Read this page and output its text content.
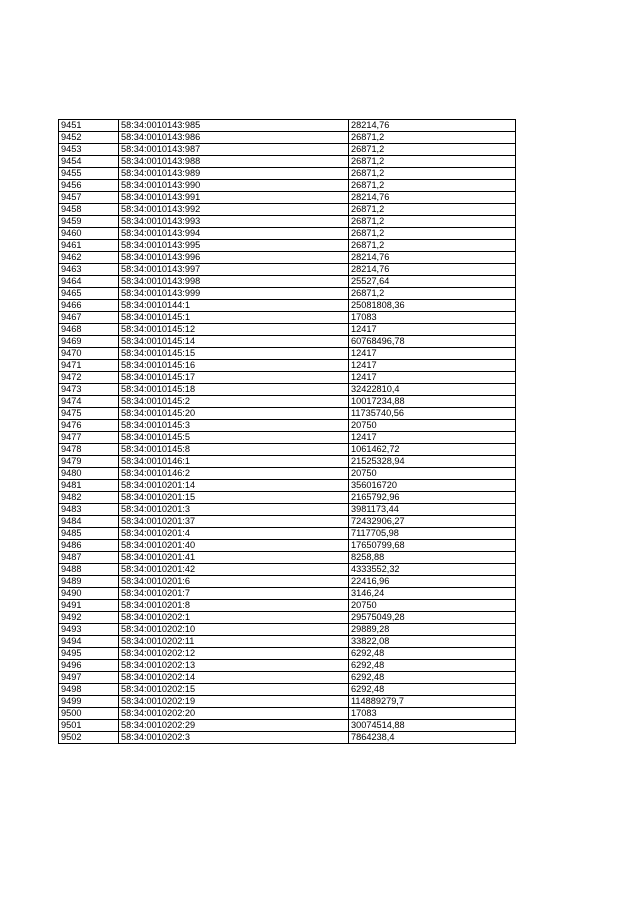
9451	58:34:0010143:985	28214,76
9452	58:34:0010143:986	26871,2
9453	58:34:0010143:987	26871,2
9454	58:34:0010143:988	26871,2
9455	58:34:0010143:989	26871,2
9456	58:34:0010143:990	26871,2
9457	58:34:0010143:991	28214,76
9458	58:34:0010143:992	26871,2
9459	58:34:0010143:993	26871,2
9460	58:34:0010143:994	26871,2
9461	58:34:0010143:995	26871,2
9462	58:34:0010143:996	28214,76
9463	58:34:0010143:997	28214,76
9464	58:34:0010143:998	25527,64
9465	58:34:0010143:999	26871,2
9466	58:34:0010144:1	25081808,36
9467	58:34:0010145:1	17083
9468	58:34:0010145:12	12417
9469	58:34:0010145:14	60768496,78
9470	58:34:0010145:15	12417
9471	58:34:0010145:16	12417
9472	58:34:0010145:17	12417
9473	58:34:0010145:18	32422810,4
9474	58:34:0010145:2	10017234,88
9475	58:34:0010145:20	11735740,56
9476	58:34:0010145:3	20750
9477	58:34:0010145:5	12417
9478	58:34:0010145:8	1061462,72
9479	58:34:0010146:1	21525328,94
9480	58:34:0010146:2	20750
9481	58:34:0010201:14	356016720
9482	58:34:0010201:15	2165792,96
9483	58:34:0010201:3	3981173,44
9484	58:34:0010201:37	72432906,27
9485	58:34:0010201:4	7117705,98
9486	58:34:0010201:40	17650799,68
9487	58:34:0010201:41	8258,88
9488	58:34:0010201:42	4333552,32
9489	58:34:0010201:6	22416,96
9490	58:34:0010201:7	3146,24
9491	58:34:0010201:8	20750
9492	58:34:0010202:1	29575049,28
9493	58:34:0010202:10	29889,28
9494	58:34:0010202:11	33822,08
9495	58:34:0010202:12	6292,48
9496	58:34:0010202:13	6292,48
9497	58:34:0010202:14	6292,48
9498	58:34:0010202:15	6292,48
9499	58:34:0010202:19	114889279,7
9500	58:34:0010202:20	17083
9501	58:34:0010202:29	30074514,88
9502	58:34:0010202:3	7864238,4
